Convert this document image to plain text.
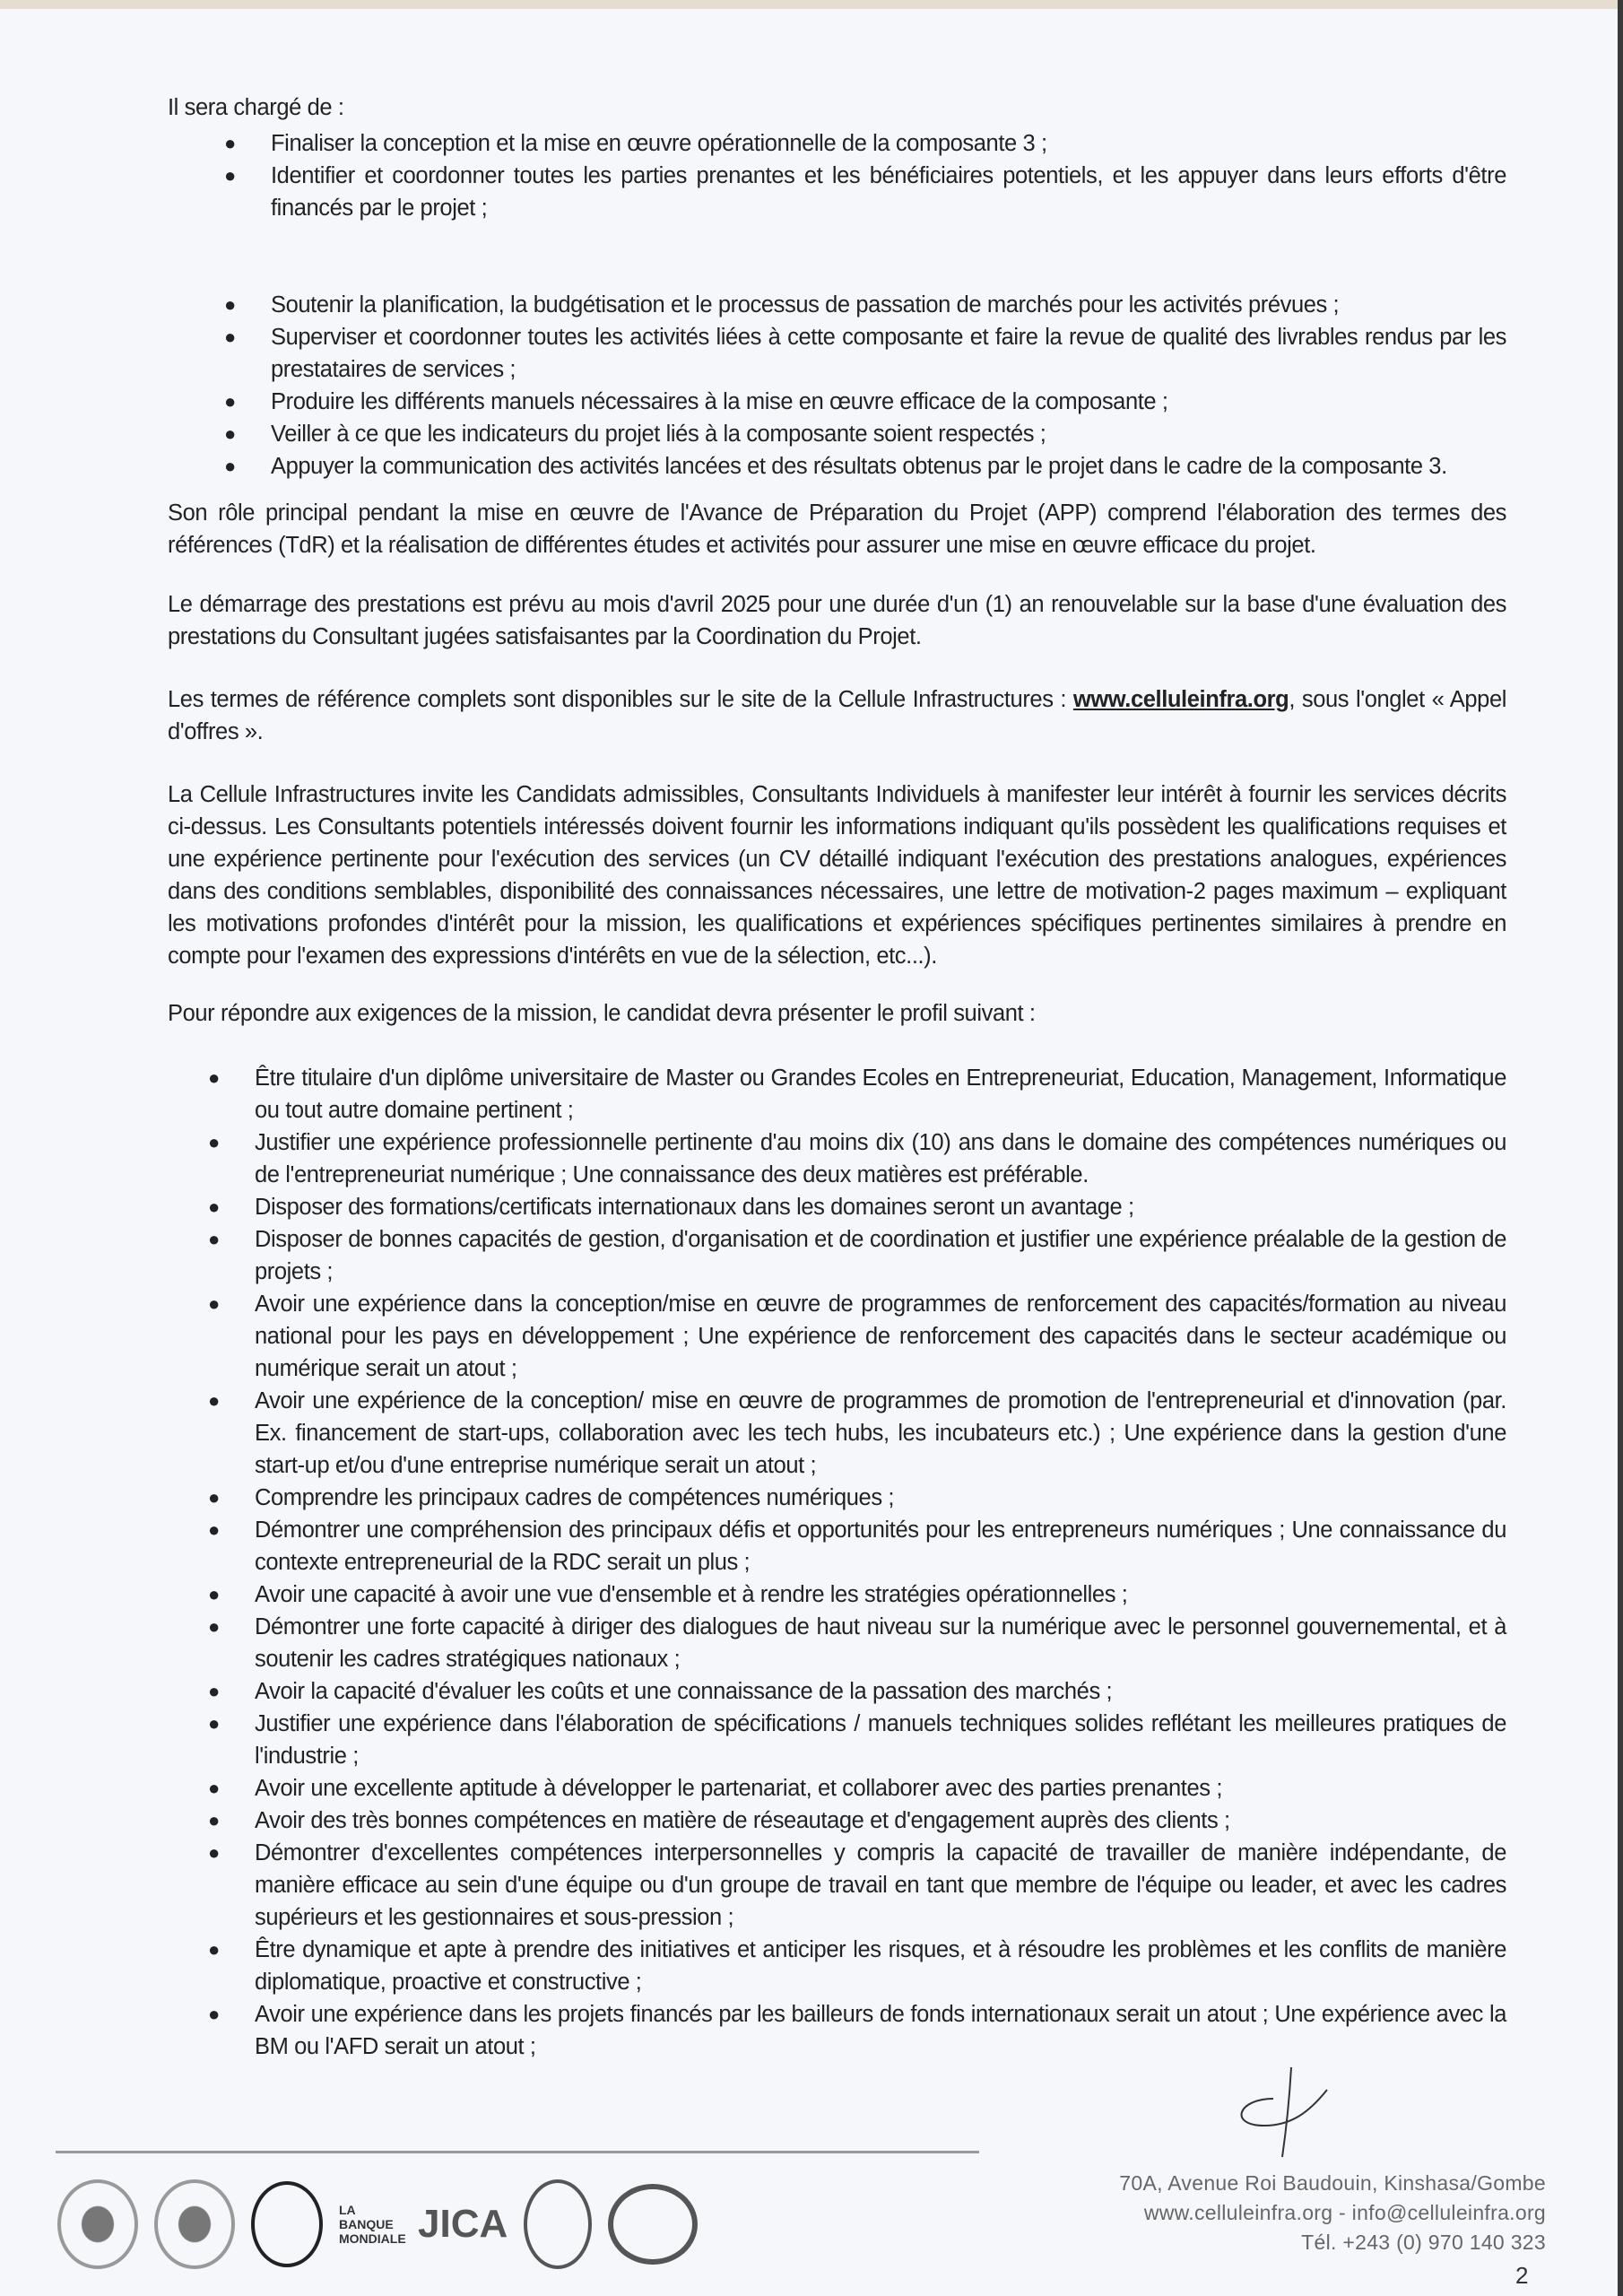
Il sera chargé de :
● Finaliser la conception et la mise en œuvre opérationnelle de la composante 3 ;
● Identifier et coordonner toutes les parties prenantes et les bénéficiaires potentiels, et les appuyer dans leurs efforts d'être financés par le projet ;
● Soutenir la planification, la budgétisation et le processus de passation de marchés pour les activités prévues ;
● Superviser et coordonner toutes les activités liées à cette composante et faire la revue de qualité des livrables rendus par les prestataires de services ;
● Produire les différents manuels nécessaires à la mise en œuvre efficace de la composante ;
● Veiller à ce que les indicateurs du projet liés à la composante soient respectés ;
● Appuyer la communication des activités lancées et des résultats obtenus par le projet dans le cadre de la composante 3.
Son rôle principal pendant la mise en œuvre de l'Avance de Préparation du Projet (APP) comprend l'élaboration des termes des références (TdR) et la réalisation de différentes études et activités pour assurer une mise en œuvre efficace du projet.
Le démarrage des prestations est prévu au mois d'avril 2025 pour une durée d'un (1) an renouvelable sur la base d'une évaluation des prestations du Consultant jugées satisfaisantes par la Coordination du Projet.
Les termes de référence complets sont disponibles sur le site de la Cellule Infrastructures : www.celluleinfra.org, sous l'onglet « Appel d'offres ».
La Cellule Infrastructures invite les Candidats admissibles, Consultants Individuels à manifester leur intérêt à fournir les services décrits ci-dessus. Les Consultants potentiels intéressés doivent fournir les informations indiquant qu'ils possèdent les qualifications requises et une expérience pertinente pour l'exécution des services (un CV détaillé indiquant l'exécution des prestations analogues, expériences dans des conditions semblables, disponibilité des connaissances nécessaires, une lettre de motivation-2 pages maximum – expliquant les motivations profondes d'intérêt pour la mission, les qualifications et expériences spécifiques pertinentes similaires à prendre en compte pour l'examen des expressions d'intérêts en vue de la sélection, etc...).
Pour répondre aux exigences de la mission, le candidat devra présenter le profil suivant :
● Être titulaire d'un diplôme universitaire de Master ou Grandes Ecoles en Entrepreneuriat, Education, Management, Informatique ou tout autre domaine pertinent ;
● Justifier une expérience professionnelle pertinente d'au moins dix (10) ans dans le domaine des compétences numériques ou de l'entrepreneuriat numérique ; Une connaissance des deux matières est préférable.
● Disposer des formations/certificats internationaux dans les domaines seront un avantage ;
● Disposer de bonnes capacités de gestion, d'organisation et de coordination et justifier une expérience préalable de la gestion de projets ;
● Avoir une expérience dans la conception/mise en œuvre de programmes de renforcement des capacités/formation au niveau national pour les pays en développement ; Une expérience de renforcement des capacités dans le secteur académique ou numérique serait un atout ;
● Avoir une expérience de la conception/ mise en œuvre de programmes de promotion de l'entrepreneurial et d'innovation (par. Ex. financement de start-ups, collaboration avec les tech hubs, les incubateurs etc.) ; Une expérience dans la gestion d'une start-up et/ou d'une entreprise numérique serait un atout ;
● Comprendre les principaux cadres de compétences numériques ;
● Démontrer une compréhension des principaux défis et opportunités pour les entrepreneurs numériques ; Une connaissance du contexte entrepreneurial de la RDC serait un plus ;
● Avoir une capacité à avoir une vue d'ensemble et à rendre les stratégies opérationnelles ;
● Démontrer une forte capacité à diriger des dialogues de haut niveau sur la numérique avec le personnel gouvernemental, et à soutenir les cadres stratégiques nationaux ;
● Avoir la capacité d'évaluer les coûts et une connaissance de la passation des marchés ;
● Justifier une expérience dans l'élaboration de spécifications / manuels techniques solides reflétant les meilleures pratiques de l'industrie ;
● Avoir une excellente aptitude à développer le partenariat, et collaborer avec des parties prenantes ;
● Avoir des très bonnes compétences en matière de réseautage et d'engagement auprès des clients ;
● Démontrer d'excellentes compétences interpersonnelles y compris la capacité de travailler de manière indépendante, de manière efficace au sein d'une équipe ou d'un groupe de travail en tant que membre de l'équipe ou leader, et avec les cadres supérieurs et les gestionnaires et sous-pression ;
● Être dynamique et apte à prendre des initiatives et anticiper les risques, et à résoudre les problèmes et les conflits de manière diplomatique, proactive et constructive ;
● Avoir une expérience dans les projets financés par les bailleurs de fonds internationaux serait un atout ; Une expérience avec la BM ou l'AFD serait un atout ;
LA BANQUE MONDIALE JICA
70A, Avenue Roi Baudouin, Kinshasa/Gombe
www.celluleinfra.org - info@celluleinfra.org
Tél. +243 (0) 970 140 323
2
